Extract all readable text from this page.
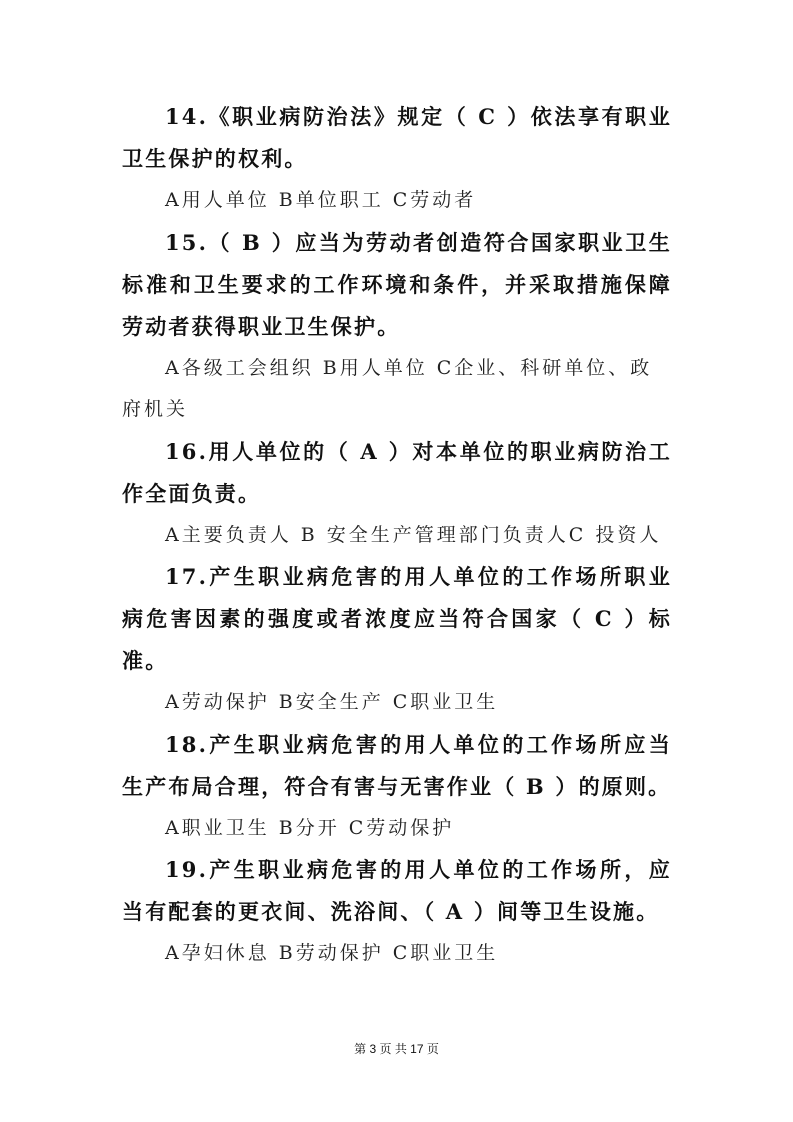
14.《职业病防治法》规定（ C ）依法享有职业卫生保护的权利。

A用人单位 B单位职工 C劳动者

15.（ B ）应当为劳动者创造符合国家职业卫生标准和卫生要求的工作环境和条件，并采取措施保障劳动者获得职业卫生保护。

A各级工会组织 B用人单位 C企业、科研单位、政府机关

16.用人单位的（ A ）对本单位的职业病防治工作全面负责。

A主要负责人 B 安全生产管理部门负责人C 投资人

17.产生职业病危害的用人单位的工作场所职业病危害因素的强度或者浓度应当符合国家（ C ）标准。

A劳动保护 B安全生产 C职业卫生

18.产生职业病危害的用人单位的工作场所应当生产布局合理，符合有害与无害作业（ B ）的原则。

A职业卫生 B分开 C劳动保护

19.产生职业病危害的用人单位的工作场所，应当有配套的更衣间、洗浴间、（ A ）间等卫生设施。

A孕妇休息 B劳动保护 C职业卫生

第 3 页 共 17 页
